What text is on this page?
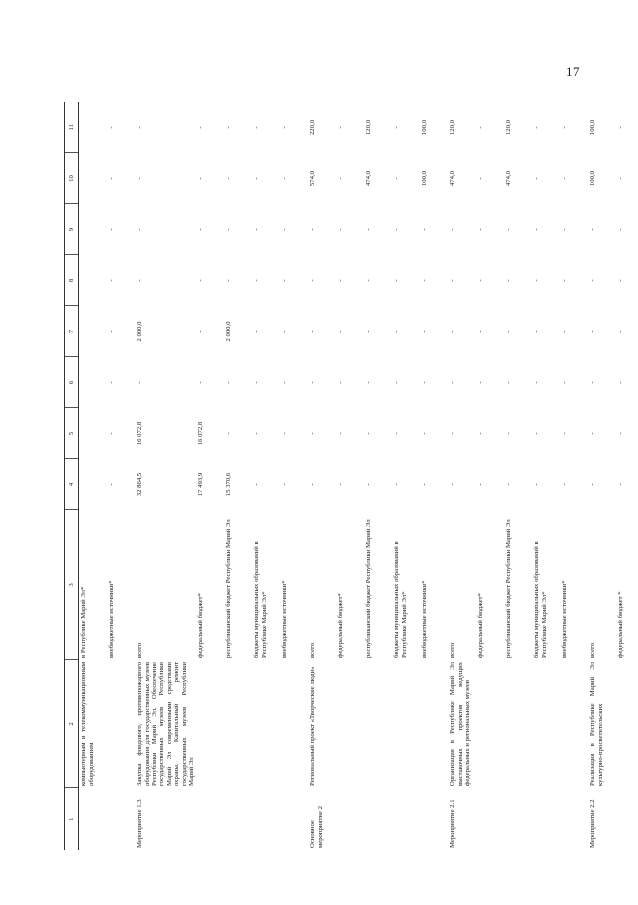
17
1	2	3	4	5	6	7	8	9	10	11
	компьютерным и телекоммуникационным оборудованием	в Республике Марий Эл*								
		внебюджетные источники*	-	-	-	-	-	-	-	-
Мероприятие 1.3	Закупка фондового, противопожарного оборудования для государственных музеев Республики Марий Эл. Обеспечение государственных музеев Республики Марий Эл современными средствами охраны. Капитальный ремонт государственных музеев Республики Марий Эл	всего	32 864,5	16 072,8	-	2 000,0	-	-	-	-
		федеральный бюджет*	17 493,9	16 072,8	-	-	-	-	-	-
		республиканский бюджет Республики Марий Эл	15 370,6	-	-	2 000,0	-	-	-	-
		бюджеты муниципальных образований в Республике Марий Эл*	-	-	-	-	-	-	-	-
		внебюджетные источники*	-	-	-	-	-	-	-	-
Основное мероприятие 2	Региональный проект «Творческие люди»	всего	-	-	-	-	-	-	574,0	220,0
		федеральный бюджет*	-	-	-	-	-	-	-	-
		республиканский бюджет Республики Марий Эл	-	-	-	-	-	-	474,0	120,0
		бюджеты муниципальных образований в Республике Марий Эл*	-	-	-	-	-	-	-	-
		внебюджетные источники*	-	-	-	-	-	-	100,0	100,0
Мероприятие 2.1	Организация в Республике Марий Эл выставочных проектов ведущих федеральных и региональных музеев	всего	-	-	-	-	-	-	474,0	120,0
		федеральный бюджет*	-	-	-	-	-	-	-	-
		республиканский бюджет Республики Марий Эл	-	-	-	-	-	-	474,0	120,0
		бюджеты муниципальных образований в Республике Марий Эл*	-	-	-	-	-	-	-	-
		внебюджетные источники*	-	-	-	-	-	-	-	-
Мероприятие 2.2	Реализация в Республике Марий Эл культурно-просветительских	всего	-	-	-	-	-	-	100,0	100,0
		федеральный бюджет *	-	-	-	-	-	-	-	-
